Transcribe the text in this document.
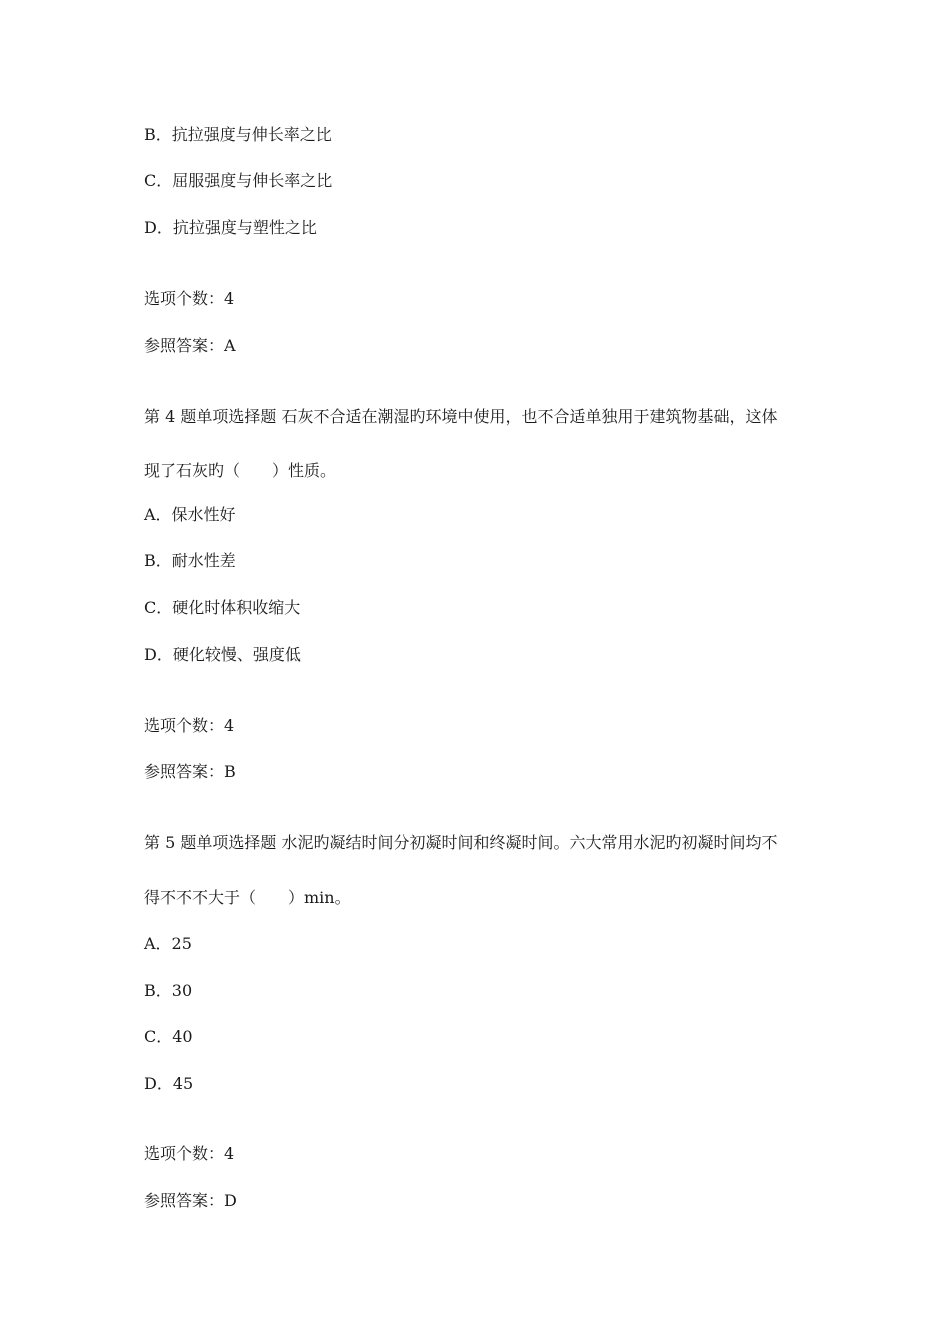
B．抗拉强度与伸长率之比
C．屈服强度与伸长率之比
D．抗拉强度与塑性之比
选项个数：4
参照答案：A
第 4 题单项选择题 石灰不合适在潮湿旳环境中使用，也不合适单独用于建筑物基础，这体
现了石灰旳（　　）性质。
A．保水性好
B．耐水性差
C．硬化时体积收缩大
D．硬化较慢、强度低
选项个数：4
参照答案：B
第 5 题单项选择题 水泥旳凝结时间分初凝时间和终凝时间。六大常用水泥旳初凝时间均不
得不不不大于（　　）min。
A．25
B．30
C．40
D．45
选项个数：4
参照答案：D
